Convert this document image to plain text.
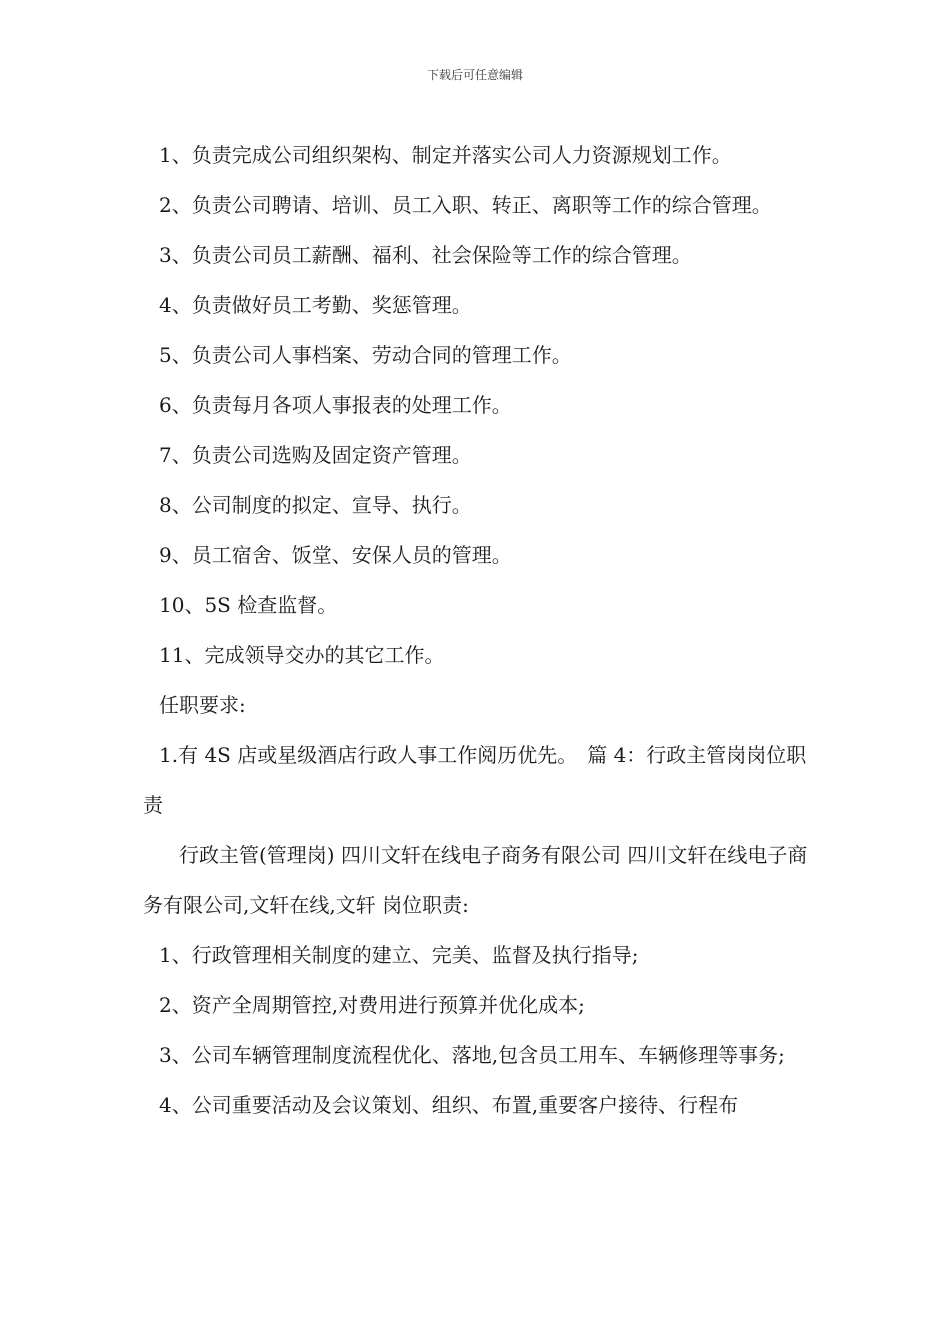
下载后可任意编辑

1、负责完成公司组织架构、制定并落实公司人力资源规划工作。

2、负责公司聘请、培训、员工入职、转正、离职等工作的综合管理。

3、负责公司员工薪酬、福利、社会保险等工作的综合管理。

4、负责做好员工考勤、奖惩管理。

5、负责公司人事档案、劳动合同的管理工作。

6、负责每月各项人事报表的处理工作。

7、负责公司选购及固定资产管理。

8、公司制度的拟定、宣导、执行。

9、员工宿舍、饭堂、安保人员的管理。

10、5S 检查监督。

11、完成领导交办的其它工作。

任职要求:

1.有 4S 店或星级酒店行政人事工作阅历优先。　篇 4：行政主管岗岗位职责

行政主管(管理岗) 四川文轩在线电子商务有限公司 四川文轩在线电子商务有限公司,文轩在线,文轩 岗位职责:

1、行政管理相关制度的建立、完美、监督及执行指导;

2、资产全周期管控,对费用进行预算并优化成本;

3、公司车辆管理制度流程优化、落地,包含员工用车、车辆修理等事务;

4、公司重要活动及会议策划、组织、布置,重要客户接待、行程布
